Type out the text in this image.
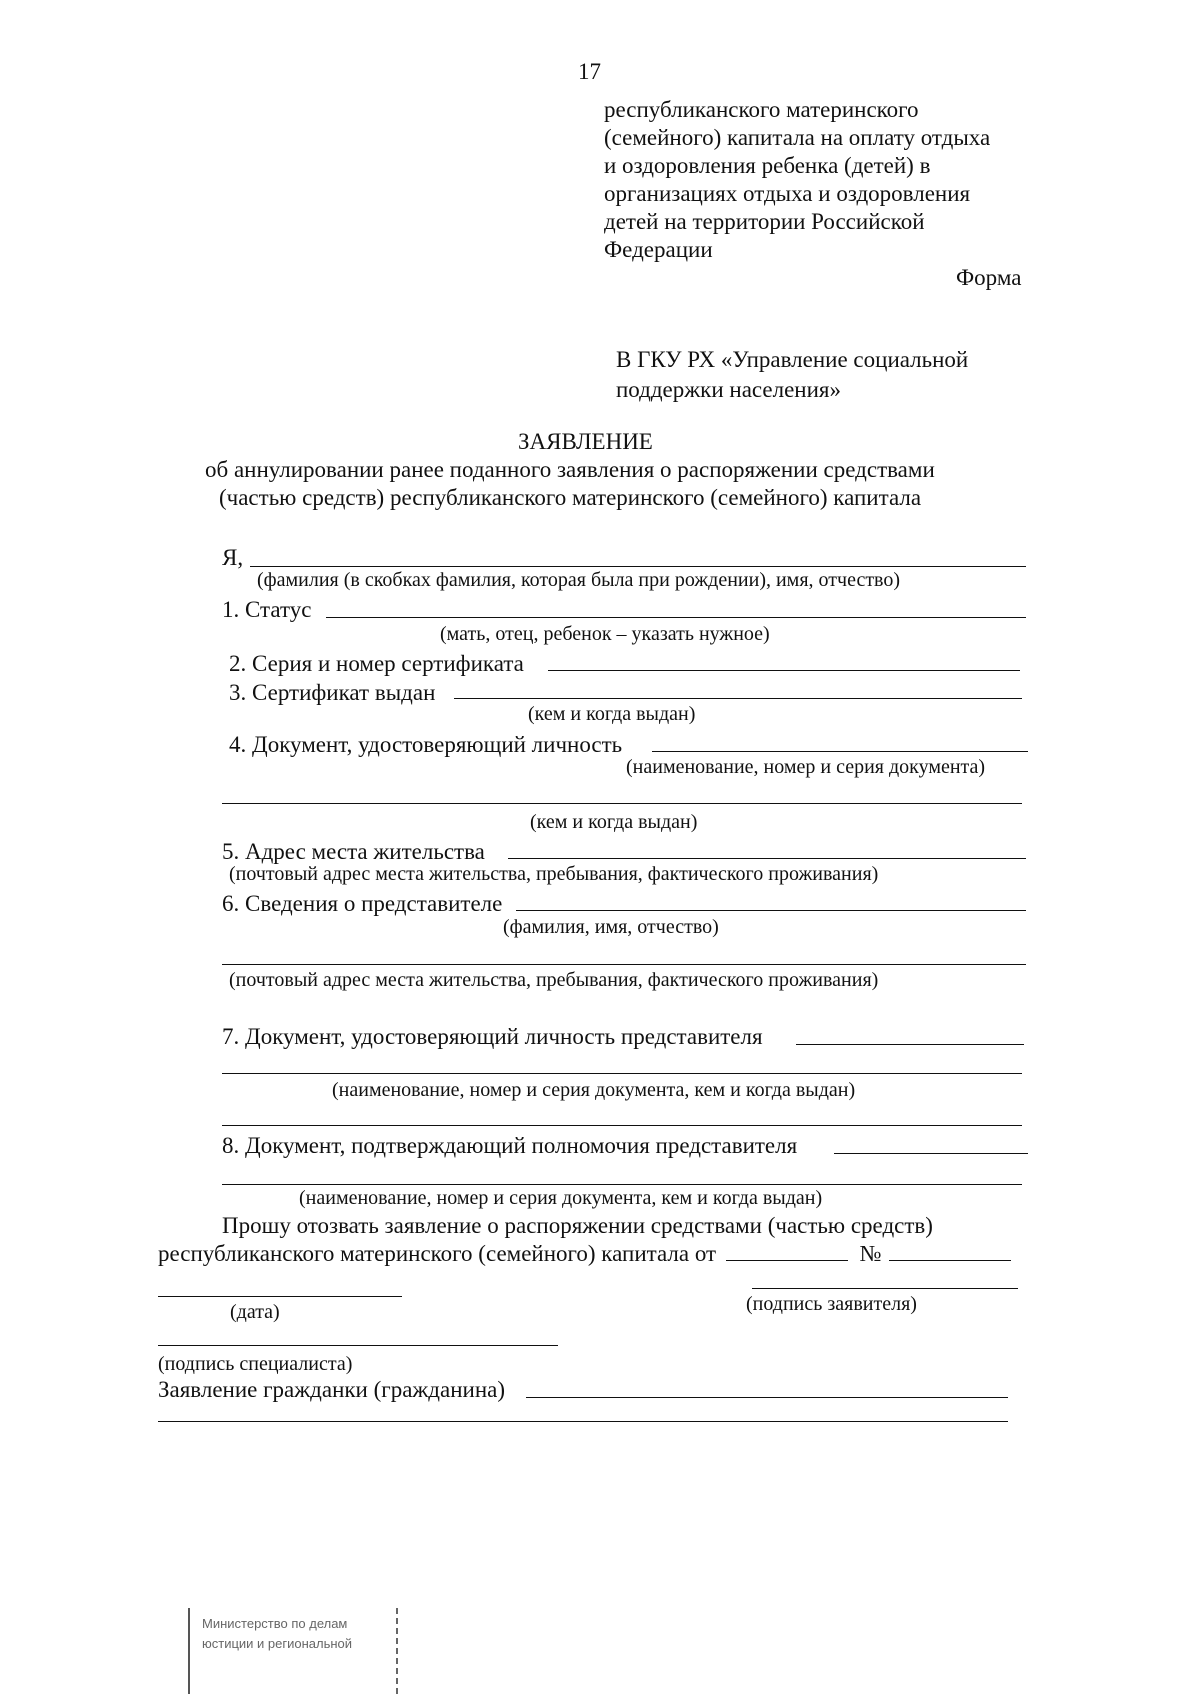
17
республиканского материнского
(семейного) капитала на оплату отдыха
и оздоровления ребенка (детей) в
организациях отдыха и оздоровления
детей на территории Российской
Федерации
Форма
В ГКУ РХ «Управление социальной
поддержки населения»
ЗАЯВЛЕНИЕ
об аннулировании ранее поданного заявления о распоряжении средствами
(частью средств) республиканского материнского (семейного) капитала
Я,
(фамилия (в скобках фамилия, которая была при рождении), имя, отчество)
1. Статус
(мать, отец, ребенок – указать нужное)
2. Серия и номер сертификата
3. Сертификат выдан
(кем и когда выдан)
4. Документ, удостоверяющий личность
(наименование, номер и серия документа)
(кем и когда выдан)
5. Адрес места жительства
(почтовый адрес места жительства, пребывания, фактического проживания)
6. Сведения о представителе
(фамилия, имя, отчество)
(почтовый адрес места жительства, пребывания, фактического проживания)
7. Документ, удостоверяющий личность представителя
(наименование, номер и серия документа, кем и когда выдан)
8. Документ, подтверждающий полномочия представителя
(наименование, номер и серия документа, кем и когда выдан)
Прошу отозвать заявление о распоряжении средствами (частью средств)
республиканского материнского (семейного) капитала от	№
(дата)	(подпись заявителя)
(подпись специалиста)
Заявление гражданки (гражданина)
Министерство по делам
юстиции и региональной
